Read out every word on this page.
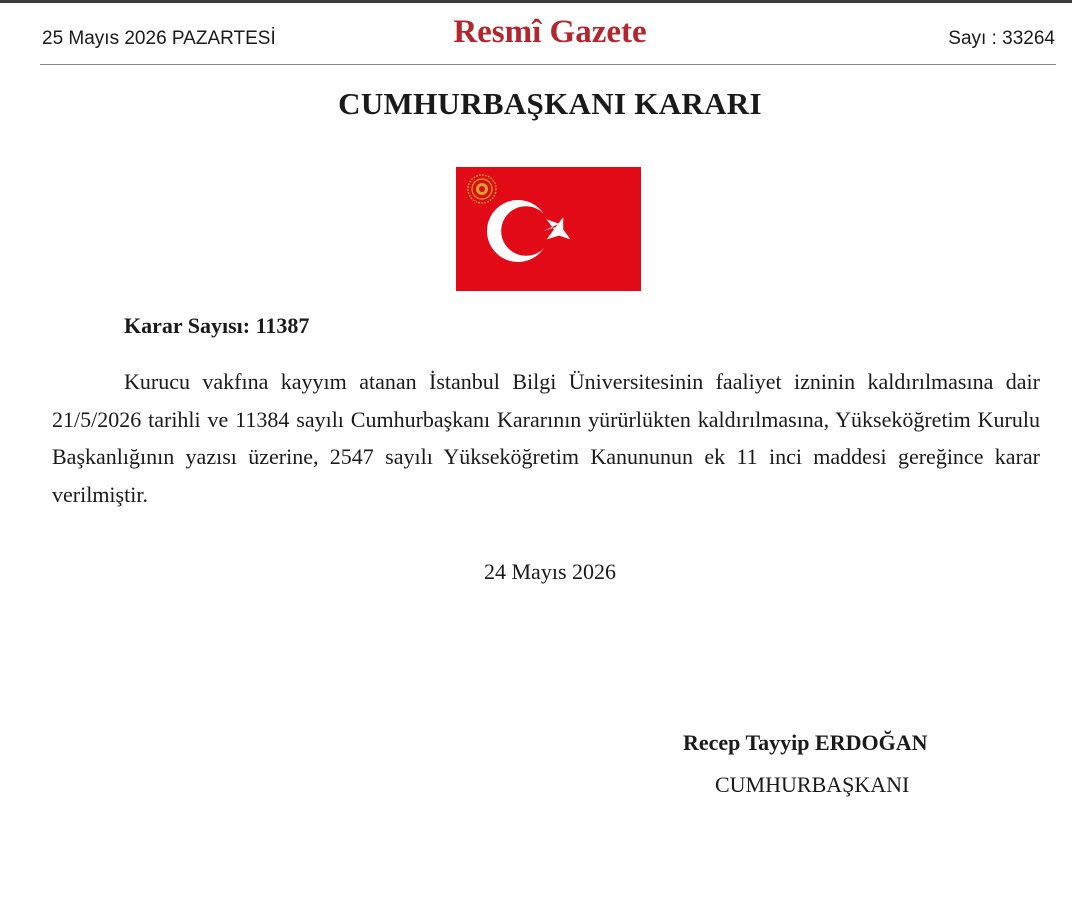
25 Mayıs 2026 PAZARTESİ	Resmî Gazete	Sayı : 33264
CUMHURBAŞKANI KARARI
Karar Sayısı: 11387

Kurucu vakfına kayyım atanan İstanbul Bilgi Üniversitesinin faaliyet izninin kaldırılmasına dair 21/5/2026 tarihli ve 11384 sayılı Cumhurbaşkanı Kararının yürürlükten kaldırılmasına, Yükseköğretim Kurulu Başkanlığının yazısı üzerine, 2547 sayılı Yükseköğretim Kanununun ek 11 inci maddesi gereğince karar verilmiştir.

24 Mayıs 2026
Recep Tayyip ERDOĞAN
CUMHURBAŞKANI
